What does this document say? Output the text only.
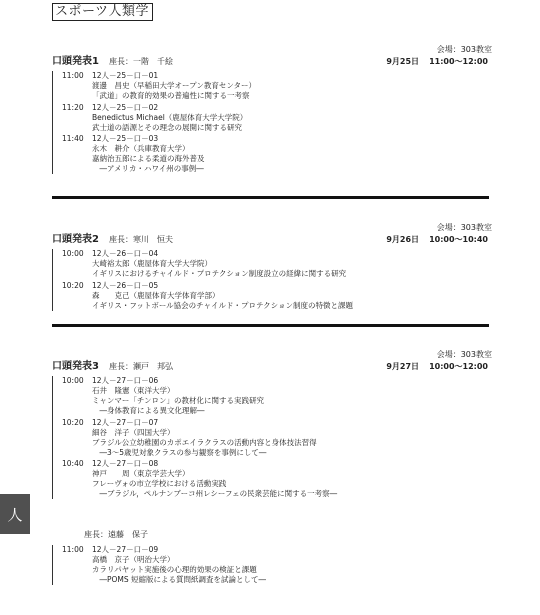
スポーツ人類学
会場：303教室
口頭発表1 座長：一階　千絵	9月25日 11:00〜12:00
11:00	12人－25－口－01
渡邊　昌史（早稲田大学オープン教育センター）
「武道」の教育的効果の普遍性に関する一考察
11:20	12人－25－口－02
Benedictus Michael（鹿屋体育大学大学院）
武士道の語源とその理念の展開に関する研究
11:40	12人－25－口－03
永木　耕介（兵庫教育大学）
嘉納治五郎による柔道の海外普及
　―アメリカ・ハワイ州の事例―
会場：303教室
口頭発表2 座長：寒川　恒夫	9月26日 10:00〜10:40
10:00	12人－26－口－04
大崎裕太郎（鹿屋体育大学大学院）
イギリスにおけるチャイルド・プロテクション制度設立の経緯に関する研究
10:20	12人－26－口－05
森　　克己（鹿屋体育大学体育学部）
イギリス・フットボール協会のチャイルド・プロテクション制度の特徴と課題
会場：303教室
口頭発表3 座長：瀬戸　邦弘	9月27日 10:00〜12:00
10:00	12人－27－口－06
石井　隆憲（東洋大学）
ミャンマー「チンロン」の教材化に関する実践研究
　―身体教育による異文化理解―
10:20	12人－27－口－07
細谷　洋子（四国大学）
ブラジル公立幼稚園のカポエイラクラスの活動内容と身体技法習得
　―3〜5歳児対象クラスの参与観察を事例にして―
10:40	12人－27－口－08
神戸　　周（東京学芸大学）
フレーヴォの市立学校における活動実践
　―ブラジル，ペルナンブーコ州レシーフェの民衆芸能に関する一考察―
座長：遠藤　保子
11:00	12人－27－口－09
高橋　京子（明治大学）
カラリパヤット実施後の心理的効果の検証と課題
　―POMS 短縮版による質問紙調査を試論として―
人
